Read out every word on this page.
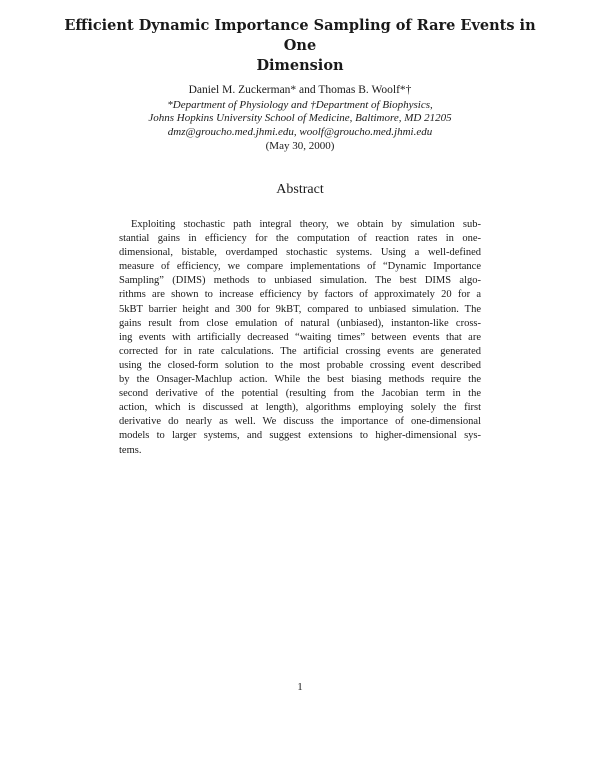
Efficient Dynamic Importance Sampling of Rare Events in One
Dimension
Daniel M. Zuckerman* and Thomas B. Woolf*†
*Department of Physiology and †Department of Biophysics,
Johns Hopkins University School of Medicine, Baltimore, MD 21205
dmz@groucho.med.jhmi.edu, woolf@groucho.med.jhmi.edu
(May 30, 2000)
Abstract
Exploiting stochastic path integral theory, we obtain by simulation sub-
stantial gains in efficiency for the computation of reaction rates in one-
dimensional, bistable, overdamped stochastic systems. Using a well-defined
measure of efficiency, we compare implementations of “Dynamic Importance
Sampling” (DIMS) methods to unbiased simulation. The best DIMS algo-
rithms are shown to increase efficiency by factors of approximately 20 for a
5kBT barrier height and 300 for 9kBT, compared to unbiased simulation. The
gains result from close emulation of natural (unbiased), instanton-like cross-
ing events with artificially decreased “waiting times” between events that are
corrected for in rate calculations. The artificial crossing events are generated
using the closed-form solution to the most probable crossing event described
by the Onsager-Machlup action. While the best biasing methods require the
second derivative of the potential (resulting from the Jacobian term in the
action, which is discussed at length), algorithms employing solely the first
derivative do nearly as well. We discuss the importance of one-dimensional
models to larger systems, and suggest extensions to higher-dimensional sys-
tems.
1
